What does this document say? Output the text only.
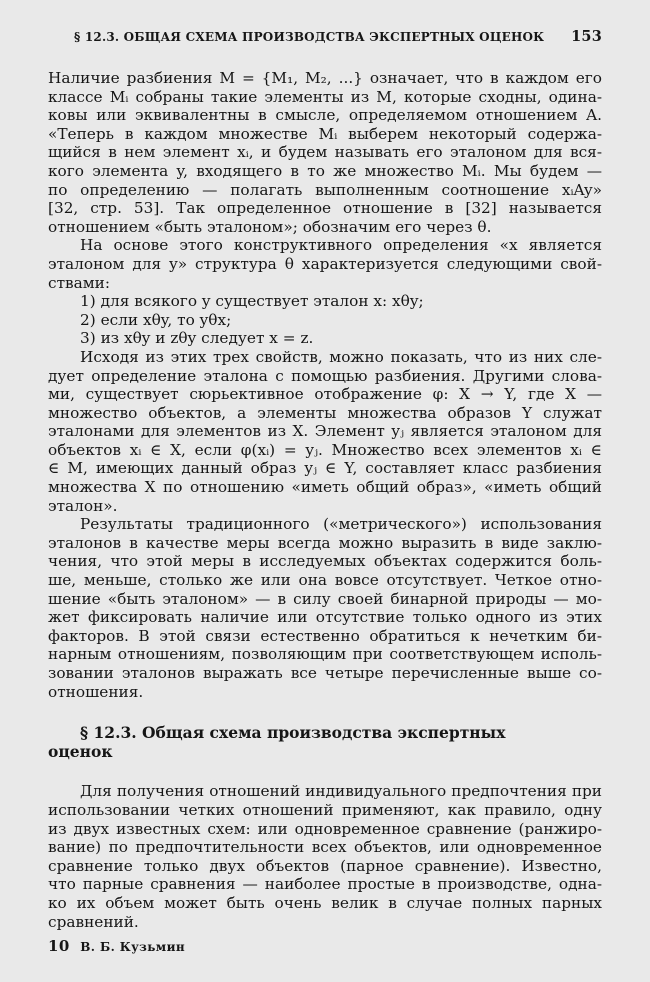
§ 12.3. ОБЩАЯ СХЕМА ПРОИЗВОДСТВА ЭКСПЕРТНЫХ ОЦЕНОК 153
Наличие разбиения M = {M₁, M₂, ...} означает, что в каждом его
классе Mᵢ собраны такие элементы из M, которые сходны, одина-
ковы или эквивалентны в смысле, определяемом отношением A.
«Теперь в каждом множестве Mᵢ выберем некоторый содержа-
щийся в нем элемент xᵢ, и будем называть его эталоном для вся-
кого элемента y, входящего в то же множество Mᵢ. Мы будем —
по определению — полагать выполненным соотношение xᵢAy»
[32, стр. 53]. Так определенное отношение в [32] называется
отношением «быть эталоном»; обозначим его через θ.
На основе этого конструктивного определения «x является
эталоном для y» структура θ характеризуется следующими свой-
ствами:
1) для всякого y существует эталон x: xθy;
2) если xθy, то yθx;
3) из xθy и zθy следует x = z.
Исходя из этих трех свойств, можно показать, что из них сле-
дует определение эталона с помощью разбиения. Другими слова-
ми, существует сюрьективное отображение φ: X → Y, где X —
множество объектов, а элементы множества образов Y служат
эталонами для элементов из X. Элемент yⱼ является эталоном для
объектов xᵢ ∈ X, если φ(xᵢ) = yⱼ. Множество всех элементов xᵢ ∈
∈ M, имеющих данный образ yⱼ ∈ Y, составляет класс разбиения
множества X по отношению «иметь общий образ», «иметь общий
эталон».
Результаты традиционного («метрического») использования
эталонов в качестве меры всегда можно выразить в виде заклю-
чения, что этой меры в исследуемых объектах содержится боль-
ше, меньше, столько же или она вовсе отсутствует. Четкое отно-
шение «быть эталоном» — в силу своей бинарной природы — мо-
жет фиксировать наличие или отсутствие только одного из этих
факторов. В этой связи естественно обратиться к нечетким би-
нарным отношениям, позволяющим при соответствующем исполь-
зовании эталонов выражать все четыре перечисленные выше со-
отношения.
§ 12.3. Общая схема производства экспертных
оценок
Для получения отношений индивидуального предпочтения при
использовании четких отношений применяют, как правило, одну
из двух известных схем: или одновременное сравнение (ранжиро-
вание) по предпочтительности всех объектов, или одновременное
сравнение только двух объектов (парное сравнение). Известно,
что парные сравнения — наиболее простые в производстве, одна-
ко их объем может быть очень велик в случае полных парных
сравнений.
10 В. Б. Кузьмин
